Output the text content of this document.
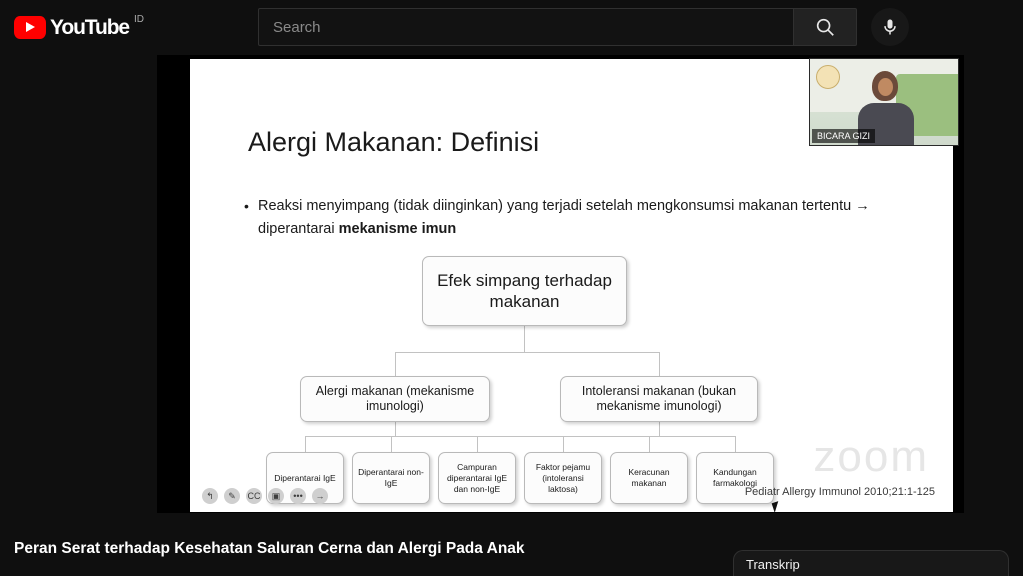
YouTube ID
Search
Alergi Makanan: Definisi
• Reaksi menyimpang (tidak diinginkan) yang terjadi setelah mengkonsumsi makanan tertentu → diperantarai mekanisme imun
Efek simpang terhadap makanan
Alergi makanan (mekanisme imunologi)
Intoleransi makanan (bukan mekanisme imunologi)
Diperantarai IgE
Diperantarai non-IgE
Campuran diperantarai IgE dan non-IgE
Faktor pejamu (intoleransi laktosa)
Keracunan makanan
Kandungan farmakologi
zoom
Pediatr Allergy Immunol 2010;21:1-125
↰	✎	CC	▣	•••	→
BICARA GIZI
Peran Serat terhadap Kesehatan Saluran Cerna dan Alergi Pada Anak
Transkrip
